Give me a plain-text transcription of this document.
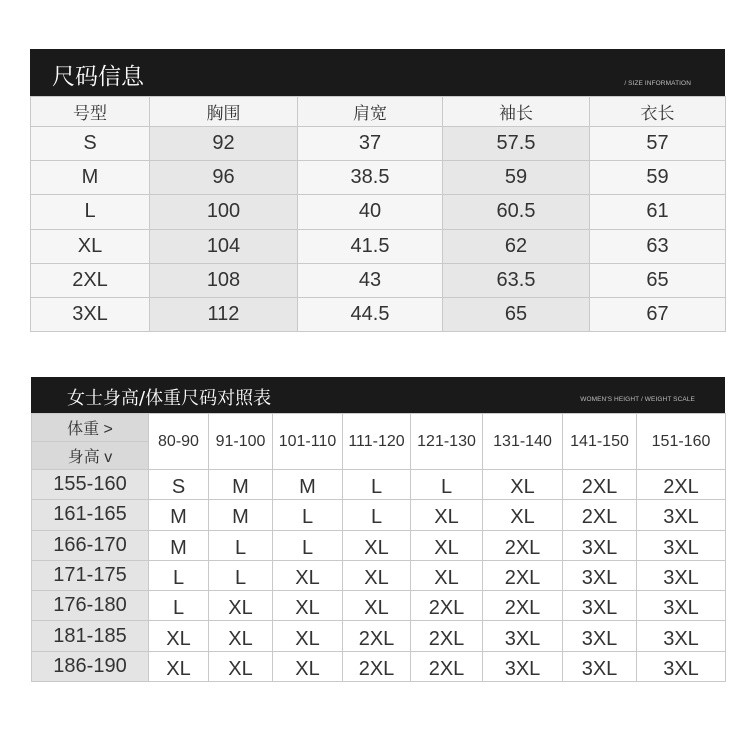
尺码信息	/ SIZE INFORMATION
号型	胸围	肩宽	袖长	衣长
S	92	37	57.5	57
M	96	38.5	59	59
L	100	40	60.5	61
XL	104	41.5	62	63
2XL	108	43	63.5	65
3XL	112	44.5	65	67
女士身高/体重尺码对照表	WOMEN'S HEIGHT / WEIGHT SCALE
体重 >	80-90	91-100	101-110	111-120	121-130	131-140	141-150	151-160
身高 v								
155-160	S	M	M	L	L	XL	2XL	2XL
161-165	M	M	L	L	XL	XL	2XL	3XL
166-170	M	L	L	XL	XL	2XL	3XL	3XL
171-175	L	L	XL	XL	XL	2XL	3XL	3XL
176-180	L	XL	XL	XL	2XL	2XL	3XL	3XL
181-185	XL	XL	XL	2XL	2XL	3XL	3XL	3XL
186-190	XL	XL	XL	2XL	2XL	3XL	3XL	3XL
